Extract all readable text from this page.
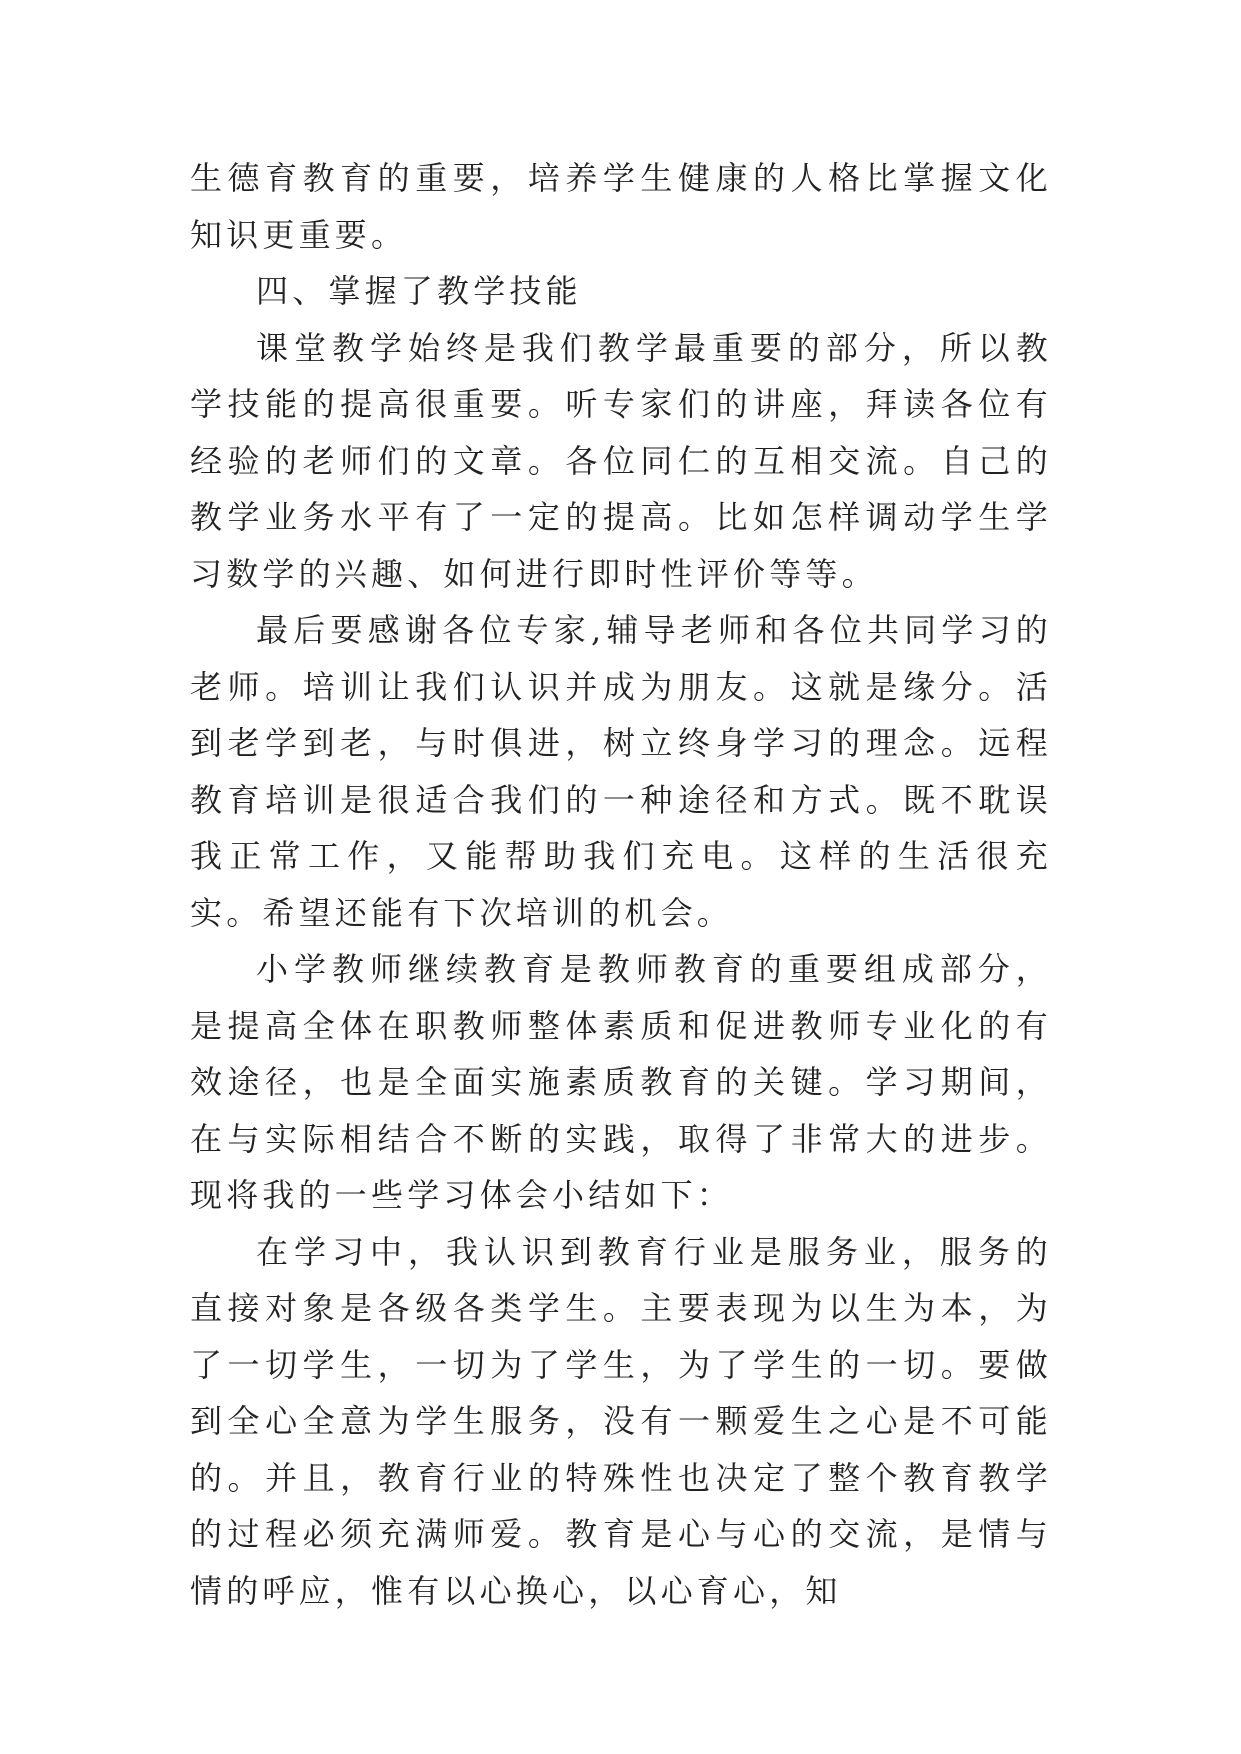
生德育教育的重要，培养学生健康的人格比掌握文化知识更重要。

四、掌握了教学技能

课堂教学始终是我们教学最重要的部分，所以教学技能的提高很重要。听专家们的讲座，拜读各位有经验的老师们的文章。各位同仁的互相交流。自己的教学业务水平有了一定的提高。比如怎样调动学生学习数学的兴趣、如何进行即时性评价等等。

最后要感谢各位专家,辅导老师和各位共同学习的老师。培训让我们认识并成为朋友。这就是缘分。活到老学到老，与时俱进，树立终身学习的理念。远程教育培训是很适合我们的一种途径和方式。既不耽误我正常工作，又能帮助我们充电。这样的生活很充实。希望还能有下次培训的机会。

小学教师继续教育是教师教育的重要组成部分，是提高全体在职教师整体素质和促进教师专业化的有效途径，也是全面实施素质教育的关键。学习期间，在与实际相结合不断的实践，取得了非常大的进步。现将我的一些学习体会小结如下：

在学习中，我认识到教育行业是服务业，服务的直接对象是各级各类学生。主要表现为以生为本，为了一切学生，一切为了学生，为了学生的一切。要做到全心全意为学生服务，没有一颗爱生之心是不可能的。并且，教育行业的特殊性也决定了整个教育教学的过程必须充满师爱。教育是心与心的交流，是情与情的呼应，惟有以心换心，以心育心，知
